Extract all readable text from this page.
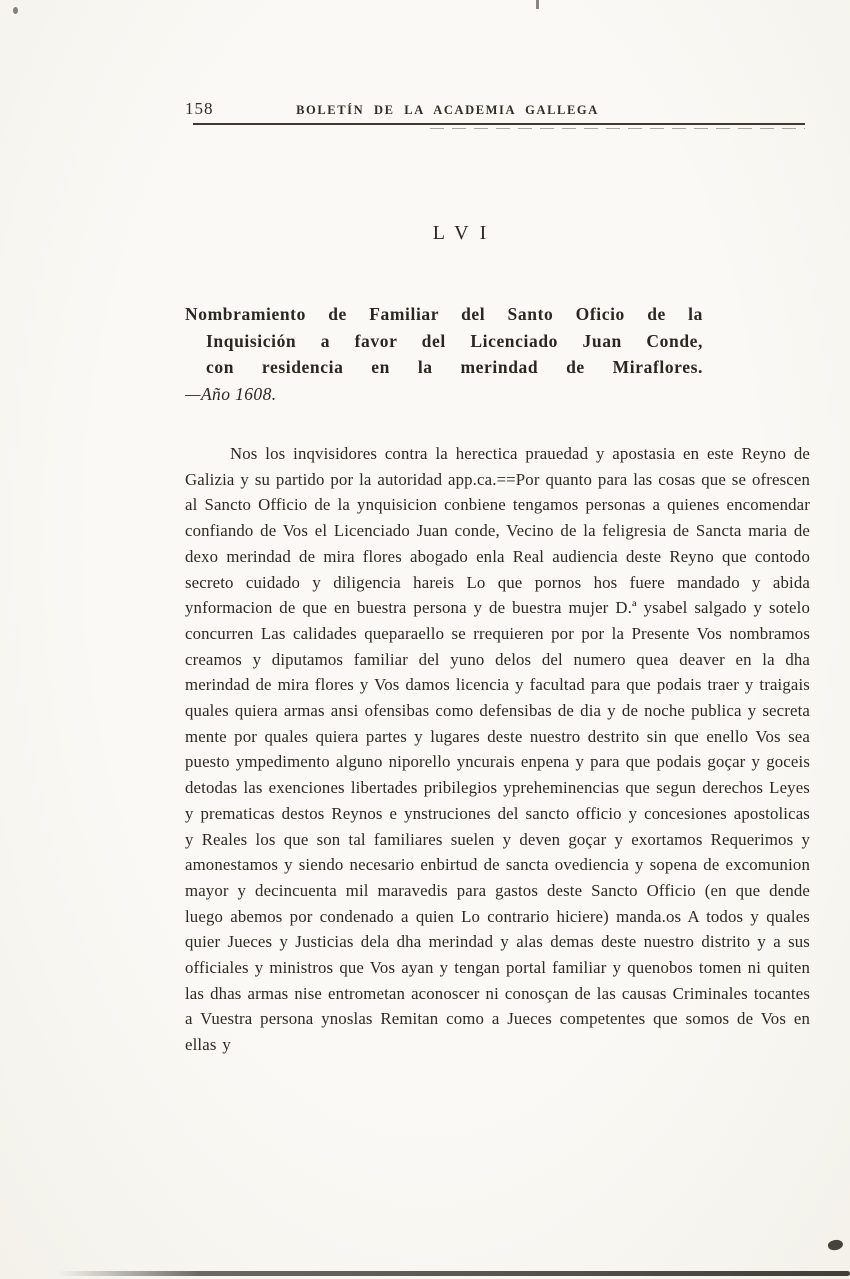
158	BOLETÍN DE LA ACADEMIA GALLEGA
LVI
Nombramiento de Familiar del Santo Oficio de la
Inquisición a favor del Licenciado Juan Conde,
con residencia en la merindad de Miraflores.
—Año 1608.

Nos los inqvisidores contra la herectica prauedad y apostasia en este Reyno de Galizia y su partido por la autoridad app.ca.==Por quanto para las cosas que se ofrescen al Sancto Officio de la ynquisicion conbiene tengamos personas a quienes encomendar confiando de Vos el Licenciado Juan conde, Vecino de la feligresia de Sancta maria de dexo merindad de mira flores abogado enla Real audiencia deste Reyno que contodo secreto cuidado y diligencia hareis Lo que pornos hos fuere mandado y abida ynformacion de que en buestra persona y de buestra mujer D.ª ysabel salgado y sotelo concurren Las calidades queparaello se rrequieren por por la Presente Vos nombramos creamos y diputamos familiar del yuno delos del numero quea deaver en la dha merindad de mira flores y Vos damos licencia y facultad para que podais traer y traigais quales quiera armas ansi ofensibas como defensibas de dia y de noche publica y secreta mente por quales quiera partes y lugares deste nuestro destrito sin que enello Vos sea puesto ympedimento alguno niporello yncurais enpena y para que podais goçar y goceis detodas las exenciones libertades pribilegios ypreheminencias que segun derechos Leyes y prematicas destos Reynos e ynstruciones del sancto officio y concesiones apostolicas y Reales los que son tal familiares suelen y deven goçar y exortamos Requerimos y amonestamos y siendo necesario enbirtud de sancta ovediencia y sopena de excomunion mayor y decincuenta mil maravedis para gastos deste Sancto Officio (en que dende luego abemos por condenado a quien Lo contrario hiciere) manda.os A todos y quales quier Jueces y Justicias dela dha merindad y alas demas deste nuestro distrito y a sus officiales y ministros que Vos ayan y tengan portal familiar y quenobos tomen ni quiten las dhas armas nise entrometan aconoscer ni conosçan de las causas Criminales tocantes a Vuestra persona ynoslas Remitan como a Jueces competentes que somos de Vos en ellas y
